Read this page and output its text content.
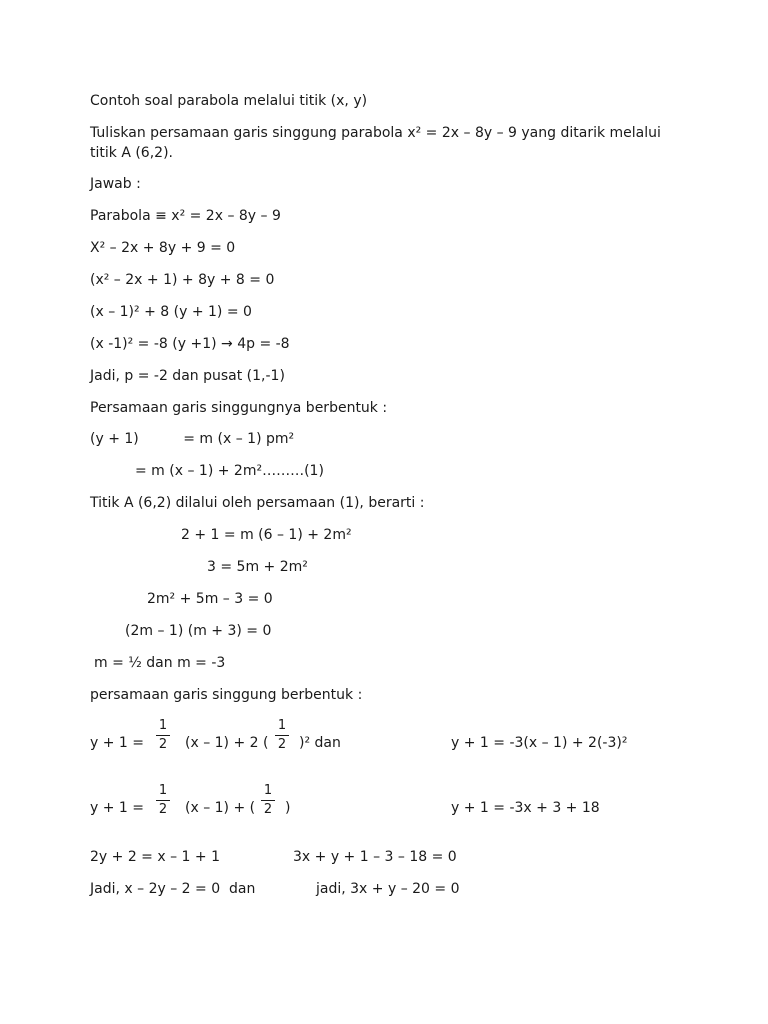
Contoh soal parabola melalui titik (x, y)
Tuliskan persamaan garis singgung parabola x² = 2x – 8y – 9 yang ditarik melalui
titik A (6,2).
Jawab :
Parabola ≡ x² = 2x – 8y – 9
X² – 2x + 8y + 9 = 0
(x² – 2x + 1) + 8y + 8 = 0
(x – 1)² + 8 (y + 1) = 0
(x -1)² = -8 (y +1) → 4p = -8
Jadi, p = -2 dan pusat (1,-1)
Persamaan garis singgungnya berbentuk :
(y + 1)          = m (x – 1) pm²
= m (x – 1) + 2m²………(1)
Titik A (6,2) dilalui oleh persamaan (1), berarti :
2 + 1 = m (6 – 1) + 2m²
3 = 5m + 2m²
2m² + 5m – 3 = 0
(2m – 1) (m + 3) = 0
m = ½ dan m = -3
persamaan garis singgung berbentuk :
$y + 1 = \frac{1}{2} (x - 1) + 2$ ( $\frac{1}{2} )^2$ dan	y + 1 = -3(x – 1) + 2(-3)²
$y + 1 = \frac{1}{2} (x - 1)$ + ( $\frac{1}{2}$ )	y + 1 = -3x + 3 + 18
2y + 2 = x – 1 + 1	3x + y + 1 – 3 – 18 = 0
Jadi, x – 2y – 2 = 0  dan	jadi, 3x + y – 20 = 0
